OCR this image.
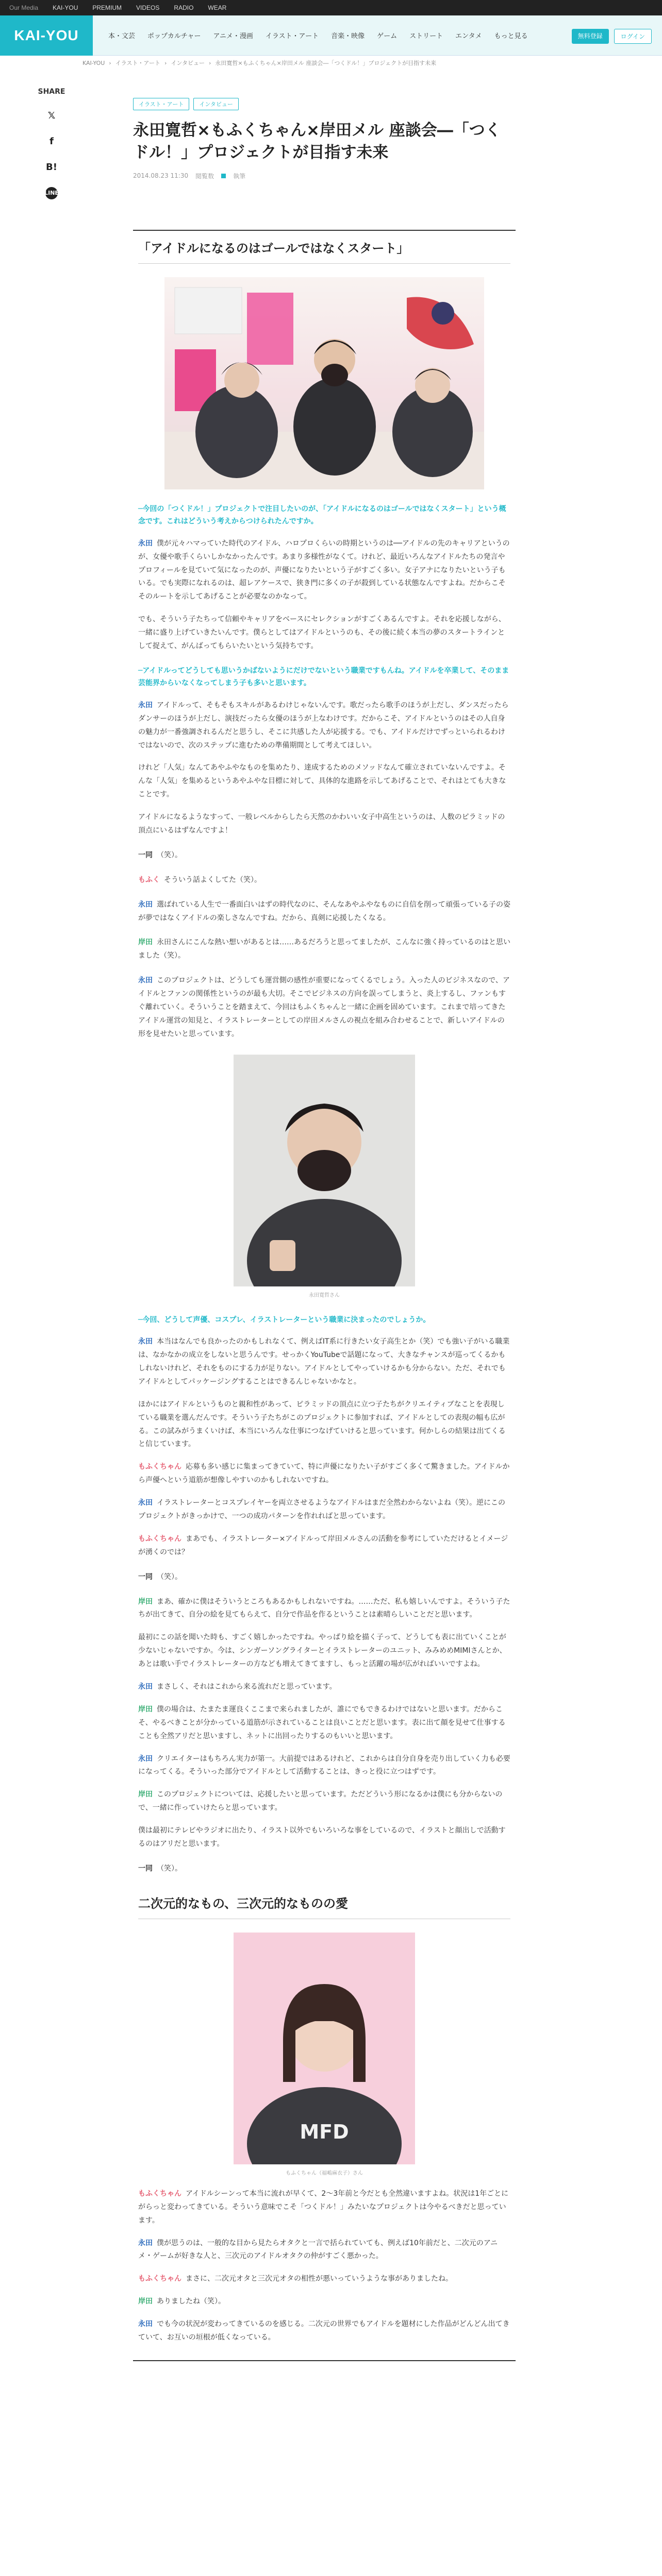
Our Media KAI-YOU PREMIUM VIDEOS RADIO WEAR
KAI-YOU	本・文芸 ポップカルチャー アニメ・漫画 イラスト・アート 音楽・映像 ゲーム ストリート エンタメ もっと見る	無料登録	ログイン
KAI-YOU › イラスト・アート › インタビュー › 永田寛哲×もふくちゃん×岸田メル 座談会―「つくドル！」プロジェクトが目指す未来
SHARE
𝕏
f
B!
LINE
イラスト・アート	インタビュー
永田寛哲×もふくちゃん×岸田メル 座談会―「つくドル！」プロジェクトが目指す未来
2014.08.23 11:30 閲覧数	執筆
「アイドルになるのはゴールではなくスタート」

─今回の「つくドル！」プロジェクトで注目したいのが、「アイドルになるのはゴールではなくスタート」という概念です。これはどういう考えからつけられたんですか。

永田 僕が元々ハマっていた時代のアイドル、ハロプロくらいの時期というのは──アイドルの先のキャリアというのが、女優や歌手くらいしかなかったんです。あまり多様性がなくて。けれど、最近いろんなアイドルたちの発言やプロフィールを見ていて気になったのが、声優になりたいという子がすごく多い。女子アナになりたいという子もいる。でも実際になれるのは、超レアケースで、狭き門に多くの子が殺到している状態なんですよね。だからこそそのルートを示してあげることが必要なのかなって。

でも、そういう子たちって信頼やキャリアをベースにセレクションがすごくあるんですよ。それを応援しながら、一緒に盛り上げていきたいんです。僕らとしてはアイドルというのも、その後に続く本当の夢のスタートラインとして捉えて、がんばってもらいたいという気持ちです。

─アイドルってどうしても思いうかばないようにだけでないという職業ですもんね。アイドルを卒業して、そのまま芸能界からいなくなってしまう子も多いと思います。

永田 アイドルって、そもそもスキルがあるわけじゃないんです。歌だったら歌手のほうが上だし、ダンスだったらダンサーのほうが上だし、演技だったら女優のほうが上なわけです。だからこそ、アイドルというのはその人自身の魅力が一番強調されるんだと思うし、そこに共感した人が応援する。でも、アイドルだけでずっといられるわけではないので、次のステップに進むための準備期間として考えてほしい。

けれど「人気」なんてあやふやなものを集めたり、達成するためのメソッドなんて確立されていないんですよ。そんな「人気」を集めるというあやふやな目標に対して、具体的な進路を示してあげることで、それはとても大きなことです。

アイドルになるようなすって、一般レベルからしたら天然のかわいい女子中高生というのは、人数のピラミッドの頂点にいるはずなんですよ！

一同 （笑）。

もふく そういう話よくしてた（笑）。

永田 選ばれている人生で一番面白いはずの時代なのに、そんなあやふやなものに自信を削って頑張っている子の姿が夢ではなくアイドルの楽しさなんですね。だから、真剣に応援したくなる。

岸田 永田さんにこんな熱い想いがあるとは……あるだろうと思ってましたが、こんなに強く持っているのはと思いました（笑）。

永田 このプロジェクトは、どうしても運営側の感性が重要になってくるでしょう。入った人のビジネスなので、アイドルとファンの関係性というのが最も大切。そこでビジネスの方向を誤ってしまうと、炎上するし、ファンもすぐ離れていく。そういうことを踏まえて、今回はもふくちゃんと一緒に企画を固めています。これまで培ってきたアイドル運営の知見と、イラストレーターとしての岸田メルさんの視点を組み合わせることで、新しいアイドルの形を見せたいと思っています。

永田寛哲さん

─今回、どうして声優、コスプレ、イラストレーターという職業に決まったのでしょうか。

永田 本当はなんでも良かったのかもしれなくて、例えばIT系に行きたい女子高生とか（笑）でも強い子がいる職業は、なかなかの成立をしないと思うんです。せっかくYouTubeで話題になって、大きなチャンスが巡ってくるかもしれないけれど、それをものにする力が足りない。アイドルとしてやっていけるかも分からない。ただ、それでもアイドルとしてパッケージングすることはできるんじゃないかなと。

ほかにはアイドルというものと親和性があって、ピラミッドの頂点に立つ子たちがクリエイティブなことを表現している職業を選んだんです。そういう子たちがこのプロジェクトに参加すれば、アイドルとしての表現の幅も広がる。この試みがうまくいけば、本当にいろんな仕事につなげていけると思っています。何かしらの結果は出てくると信じています。

もふくちゃん 応募も多い感じに集まってきていて、特に声優になりたい子がすごく多くて驚きました。アイドルから声優へという道筋が想像しやすいのかもしれないですね。

永田 イラストレーターとコスプレイヤーを両立させるようなアイドルはまだ全然わからないよね（笑）。逆にこのプロジェクトがきっかけで、一つの成功パターンを作れればと思っています。

もふくちゃん まあでも、イラストレーター×アイドルって岸田メルさんの活動を参考にしていただけるとイメージが湧くのでは？

一同 （笑）。

岸田 まあ、確かに僕はそういうところもあるかもしれないですね。……ただ、私も嬉しいんですよ。そういう子たちが出てきて、自分の絵を見てもらえて、自分で作品を作るということは素晴らしいことだと思います。

最初にこの話を聞いた時も、すごく嬉しかったですね。やっぱり絵を描く子って、どうしても表に出ていくことが少ないじゃないですか。今は、シンガーソングライターとイラストレーターのユニット、みみめめMIMIさんとか、あとは歌い手でイラストレーターの方なども増えてきてますし、もっと活躍の場が広がればいいですよね。

永田 まさしく、それはこれから来る流れだと思っています。

岸田 僕の場合は、たまたま運良くここまで来られましたが、誰にでもできるわけではないと思います。だからこそ、やるべきことが分かっている道筋が示されていることは良いことだと思います。表に出て顔を見せて仕事することも全然アリだと思いますし、ネットに出回ったりするのもいいと思います。

永田 クリエイターはもちろん実力が第一。大前提ではあるけれど、これからは自分自身を売り出していく力も必要になってくる。そういった部分でアイドルとして活動することは、きっと役に立つはずです。

岸田 このプロジェクトについては、応援したいと思っています。ただどういう形になるかは僕にも分からないので、一緒に作っていけたらと思っています。

僕は最初にテレビやラジオに出たり、イラスト以外でもいろいろな事をしているので、イラストと顔出しで活動するのはアリだと思います。

一同 （笑）。

二次元的なもの、三次元的なものの愛
MFD
もふくちゃん（福嶋麻衣子）さん

もふくちゃん アイドルシーンって本当に流れが早くて、2〜3年前と今だとも全然違いますよね。状況は1年ごとにがらっと変わってきている。そういう意味でこそ「つくドル！」みたいなプロジェクトは今やるべきだと思っています。

永田 僕が思うのは、一般的な目から見たらオタクと一言で括られていても、例えば10年前だと、二次元のアニメ・ゲームが好きな人と、三次元のアイドルオタクの仲がすごく悪かった。

もふくちゃん まさに、二次元オタと三次元オタの相性が悪いっていうような事がありましたね。

岸田 ありましたね（笑）。

永田 でも今の状況が変わってきているのを感じる。二次元の世界でもアイドルを題材にした作品がどんどん出てきていて、お互いの垣根が低くなっている。
